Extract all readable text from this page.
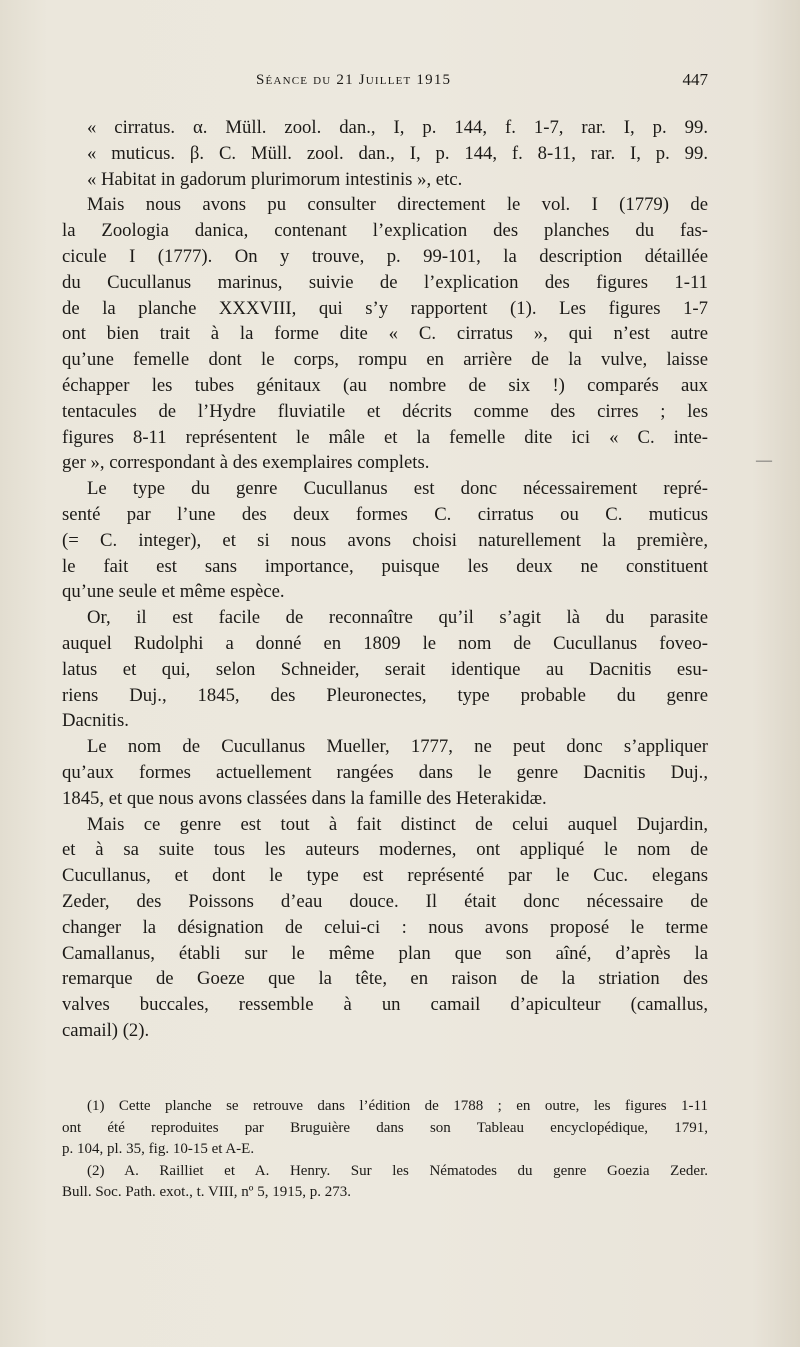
Séance du 21 Juillet 1915	447
« cirratus. α. Müll. zool. dan., I, p. 144, f. 1-7, rar. I, p. 99.
« muticus. β. C. Müll. zool. dan., I, p. 144, f. 8-11, rar. I, p. 99.
« Habitat in gadorum plurimorum intestinis », etc.
Mais nous avons pu consulter directement le vol. I (1779) de
la Zoologia danica, contenant l’explication des planches du fas-
cicule I (1777). On y trouve, p. 99-101, la description détaillée
du Cucullanus marinus, suivie de l’explication des figures 1-11
de la planche XXXVIII, qui s’y rapportent (1). Les figures 1-7
ont bien trait à la forme dite « C. cirratus », qui n’est autre
qu’une femelle dont le corps, rompu en arrière de la vulve, laisse
échapper les tubes génitaux (au nombre de six !) comparés aux
tentacules de l’Hydre fluviatile et décrits comme des cirres ; les
figures 8-11 représentent le mâle et la femelle dite ici « C. inte-
ger », correspondant à des exemplaires complets.
Le type du genre Cucullanus est donc nécessairement repré-
senté par l’une des deux formes C. cirratus ou C. muticus
(= C. integer), et si nous avons choisi naturellement la première,
le fait est sans importance, puisque les deux ne constituent
qu’une seule et même espèce.
Or, il est facile de reconnaître qu’il s’agit là du parasite
auquel Rudolphi a donné en 1809 le nom de Cucullanus foveo-
latus et qui, selon Schneider, serait identique au Dacnitis esu-
riens Duj., 1845, des Pleuronectes, type probable du genre
Dacnitis.
Le nom de Cucullanus Mueller, 1777, ne peut donc s’appliquer
qu’aux formes actuellement rangées dans le genre Dacnitis Duj.,
1845, et que nous avons classées dans la famille des Heterakidæ.
Mais ce genre est tout à fait distinct de celui auquel Dujardin,
et à sa suite tous les auteurs modernes, ont appliqué le nom de
Cucullanus, et dont le type est représenté par le Cuc. elegans
Zeder, des Poissons d’eau douce. Il était donc nécessaire de
changer la désignation de celui-ci : nous avons proposé le terme
Camallanus, établi sur le même plan que son aîné, d’après la
remarque de Goeze que la tête, en raison de la striation des
valves buccales, ressemble à un camail d’apiculteur (camallus,
camail) (2).
(1) Cette planche se retrouve dans l’édition de 1788 ; en outre, les figures 1-11
ont été reproduites par Bruguière dans son Tableau encyclopédique, 1791,
p. 104, pl. 35, fig. 10-15 et A-E.
(2) A. Railliet et A. Henry. Sur les Nématodes du genre Goezia Zeder.
Bull. Soc. Path. exot., t. VIII, nº 5, 1915, p. 273.
—
